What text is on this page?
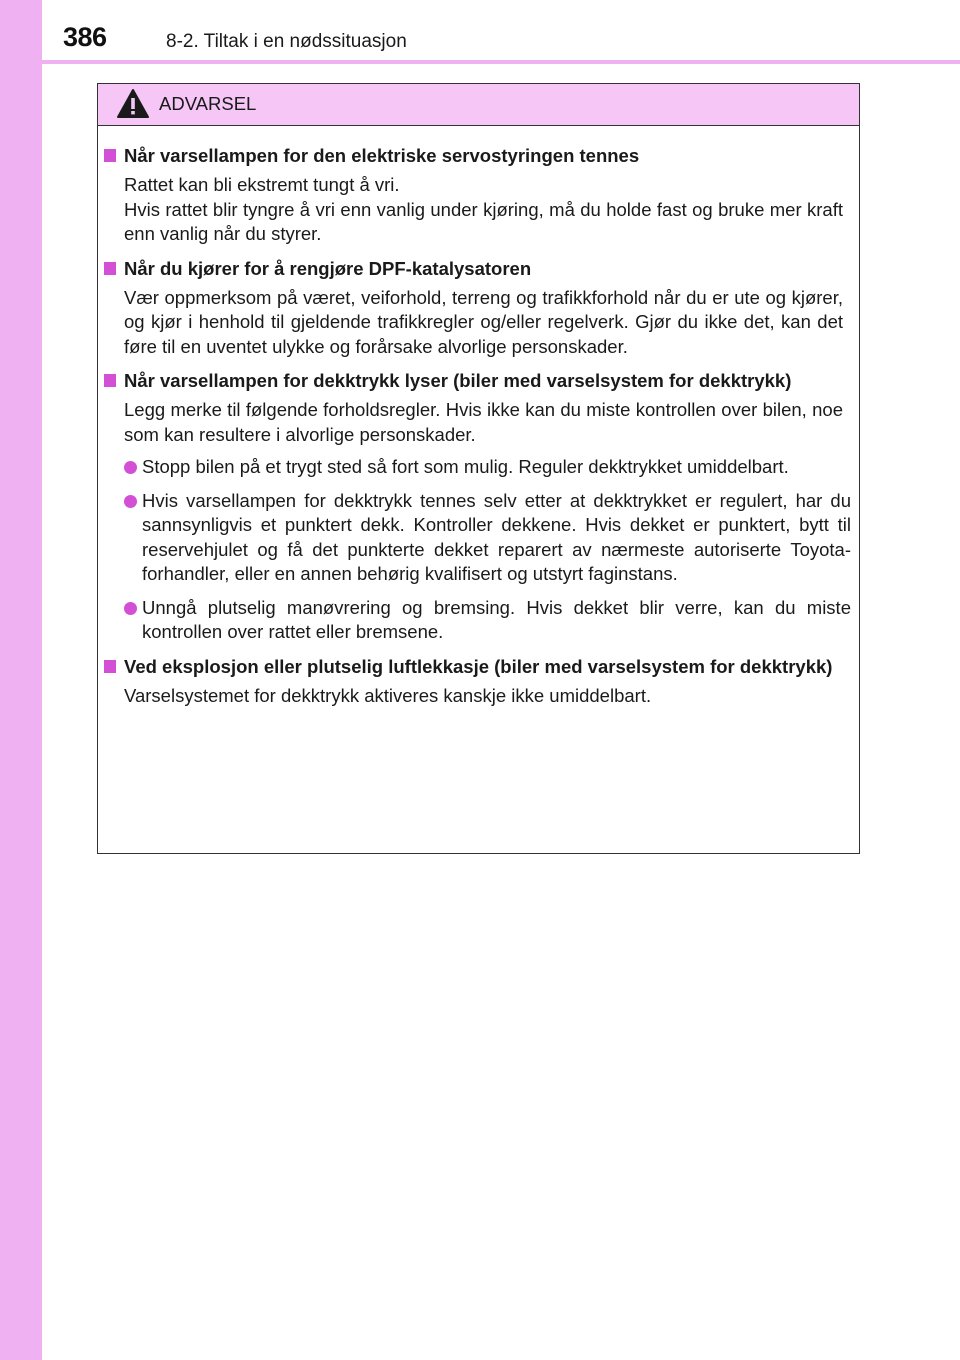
386	8-2. Tiltak i en nødssituasjon
ADVARSEL
Når varsellampen for den elektriske servostyringen tennes

Rattet kan bli ekstremt tungt å vri.

Hvis rattet blir tyngre å vri enn vanlig under kjøring, må du holde fast og bruke mer kraft enn vanlig når du styrer.

Når du kjører for å rengjøre DPF-katalysatoren

Vær oppmerksom på været, veiforhold, terreng og trafikkforhold når du er ute og kjører, og kjør i henhold til gjeldende trafikkregler og/eller regelverk. Gjør du ikke det, kan det føre til en uventet ulykke og forårsake alvorlige personskader.

Når varsellampen for dekktrykk lyser (biler med varselsystem for dekktrykk)

Legg merke til følgende forholdsregler. Hvis ikke kan du miste kontrollen over bilen, noe som kan resultere i alvorlige personskader.

Stopp bilen på et trygt sted så fort som mulig. Reguler dekktrykket umiddelbart.
Hvis varsellampen for dekktrykk tennes selv etter at dekktrykket er regulert, har du sannsynligvis et punktert dekk. Kontroller dekkene. Hvis dekket er punktert, bytt til reservehjulet og få det punkterte dekket reparert av nærmeste autoriserte Toyota-forhandler, eller en annen behørig kvalifisert og utstyrt faginstans.
Unngå plutselig manøvrering og bremsing. Hvis dekket blir verre, kan du miste kontrollen over rattet eller bremsene.
Ved eksplosjon eller plutselig luftlekkasje (biler med varselsystem for dekktrykk)

Varselsystemet for dekktrykk aktiveres kanskje ikke umiddelbart.
